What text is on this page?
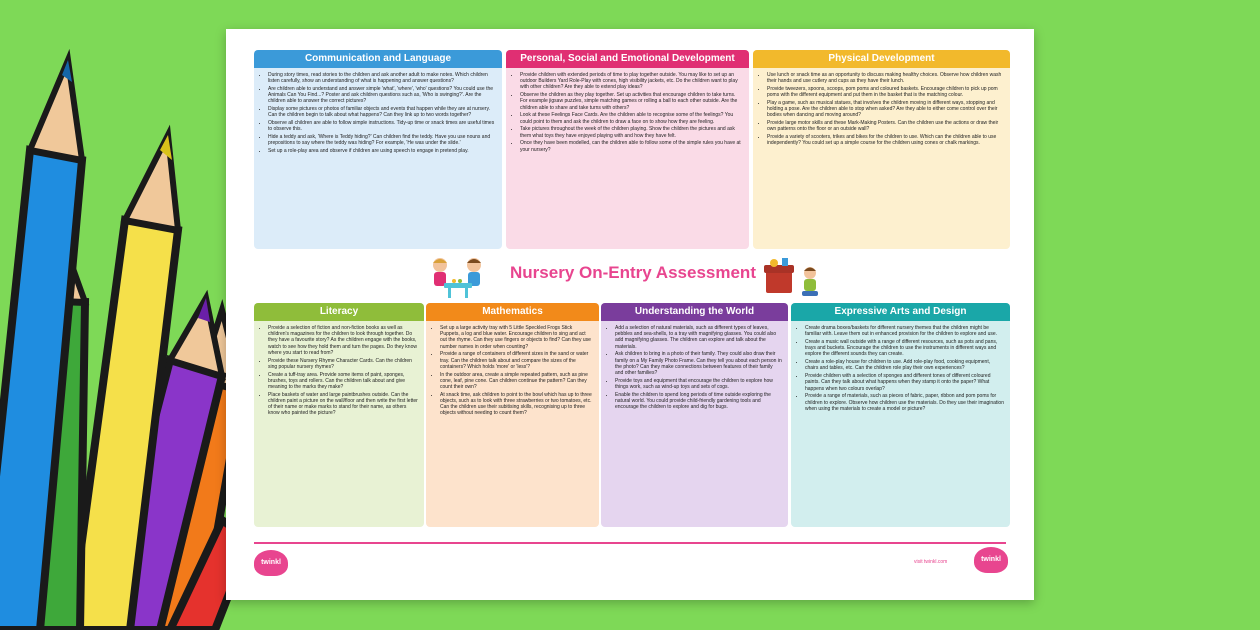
Communication and Language
• During story times, read stories to the children and ask another adult to make notes. Which children listen carefully, show an understanding of what is happening and answer questions?
• Are children able to understand and answer simple 'what', 'where', 'who' questions? You could use the Animals Can You Find...? Poster and ask children questions such as, 'Who is swinging?'. Are the children able to answer the correct pictures?
• Display some pictures or photos of familiar objects and events that happen while they are at nursery. Can the children begin to talk about what happens? Can they link up to two words together?
• Observe all children are able to follow simple instructions. Tidy-up time or snack times are useful times to observe this.
• Hide a teddy and ask, 'Where is Teddy hiding?' Can children find the teddy. Have you use nouns and prepositions to say where the teddy was hiding? For example, 'He was under the slide.'
• Set up a role-play area and observe if children are using speech to engage in pretend play.
Personal, Social and Emotional Development
• Provide children with extended periods of time to play together outside. You may like to set up an outdoor Builders Yard Role-Play with cones, high visibility jackets, etc. Do the children want to play with other children? Are they able to extend play ideas?
• Observe the children as they play together. Set up activities that encourage children to take turns. For example jigsaw puzzles, simple matching games or rolling a ball to each other outside. Are the children able to share and take turns with others?
• Look at these Feelings Face Cards. Are the children able to recognise some of the feelings? You could point to them and ask the children to draw a face on to show how they are feeling.
• Take pictures throughout the week of the children playing. Show the children the pictures and ask them what toys they have enjoyed playing with and how they have felt.
• Once they have been modelled, can the children able to follow some of the simple rules you have at your nursery?
Physical Development
• Use lunch or snack time as an opportunity to discuss making healthy choices. Observe how children wash their hands and use cutlery and cups as they have their lunch.
• Provide tweezers, spoons, scoops, pom poms and coloured baskets. Encourage children to pick up pom poms with the different equipment and put them in the basket that is the matching colour.
• Play a game, such as musical statues, that involves the children moving in different ways, stopping and holding a pose. Are the children able to stop when asked? Are they able to either come control over their bodies when dancing and moving around?
• Provide large motor skills and these Mark-Making Posters. Can the children use the actions or draw their own patterns onto the floor or an outside wall?
• Provide a variety of scooters, trikes and bikes for the children to use. Which can the children able to use independently? You could set up a simple course for the children using cones or chalk markings.
Nursery On-Entry Assessment
Literacy
• Provide a selection of fiction and non-fiction books as well as children's magazines for the children to look through together. Do they have a favourite story? As the children engage with the books, watch to see how they hold them and turn the pages. Do they know where you start to read from?
• Provide these Nursery Rhyme Character Cards. Can the children sing popular nursery rhymes?
• Create a tuff-tray area. Provide some items of paint, sponges, brushes, toys and rollers. Can the children talk about and give meaning to the marks they make?
• Place baskets of water and large paintbrushes outside. Can the children paint a picture on the wall/floor and then write the first letter of their name or make marks to stand for their name, as others know who painted the picture?
Mathematics
• Set up a large activity tray with 5 Little Speckled Frogs Stick Puppets, a log and blue water. Encourage children to sing and act out the rhyme. Can they use fingers or objects to find? Can they use number names in order when counting?
• Provide a range of containers of different sizes in the sand or water tray. Can the children talk about and compare the sizes of the containers? Which holds 'more' or 'less'?
• In the outdoor area, create a simple repeated pattern, such as pine cone, leaf, pine cone. Can children continue the pattern? Can they count their own?
• At snack time, ask children to point to the bowl which has up to three objects, such as to look with three strawberries or two tomatoes, etc. Can the children use their subitising skills, recognising up to three objects without needing to count them?
Understanding the World
• Add a selection of natural materials, such as different types of leaves, pebbles and sea-shells, to a tray with magnifying glasses. You could also add magnifying glasses. The children can explore and talk about the materials.
• Ask children to bring in a photo of their family. They could also draw their family on a My Family Photo Frame. Can they tell you about each person in the photo? Can they make connections between features of their family and other families?
• Provide toys and equipment that encourage the children to explore how things work, such as wind-up toys and sets of cogs.
• Enable the children to spend long periods of time outside exploring the natural world. You could provide child-friendly gardening tools and encourage the children to explore and dig for bugs.
Expressive Arts and Design
• Create drama boxes/baskets for different nursery themes that the children might be familiar with. Leave them out in enhanced provision for the children to explore and use.
• Create a music wall outside with a range of different resources, such as pots and pans, trays and buckets. Encourage the children to use the instruments in different ways and explore the different sounds they can create.
• Create a role-play house for children to use. Add role-play food, cooking equipment, chairs and tables, etc. Can the children role play their own experiences?
• Provide children with a selection of sponges and different tones of different coloured paints. Can they talk about what happens when they stamp it onto the paper? What happens when two colours overlap?
• Provide a range of materials, such as pieces of fabric, paper, ribbon and pom poms for children to explore. Observe how children use the materials. Do they use their imagination when using the materials to create a model or picture?
twinkl	visit twinkl.com	twinkl
